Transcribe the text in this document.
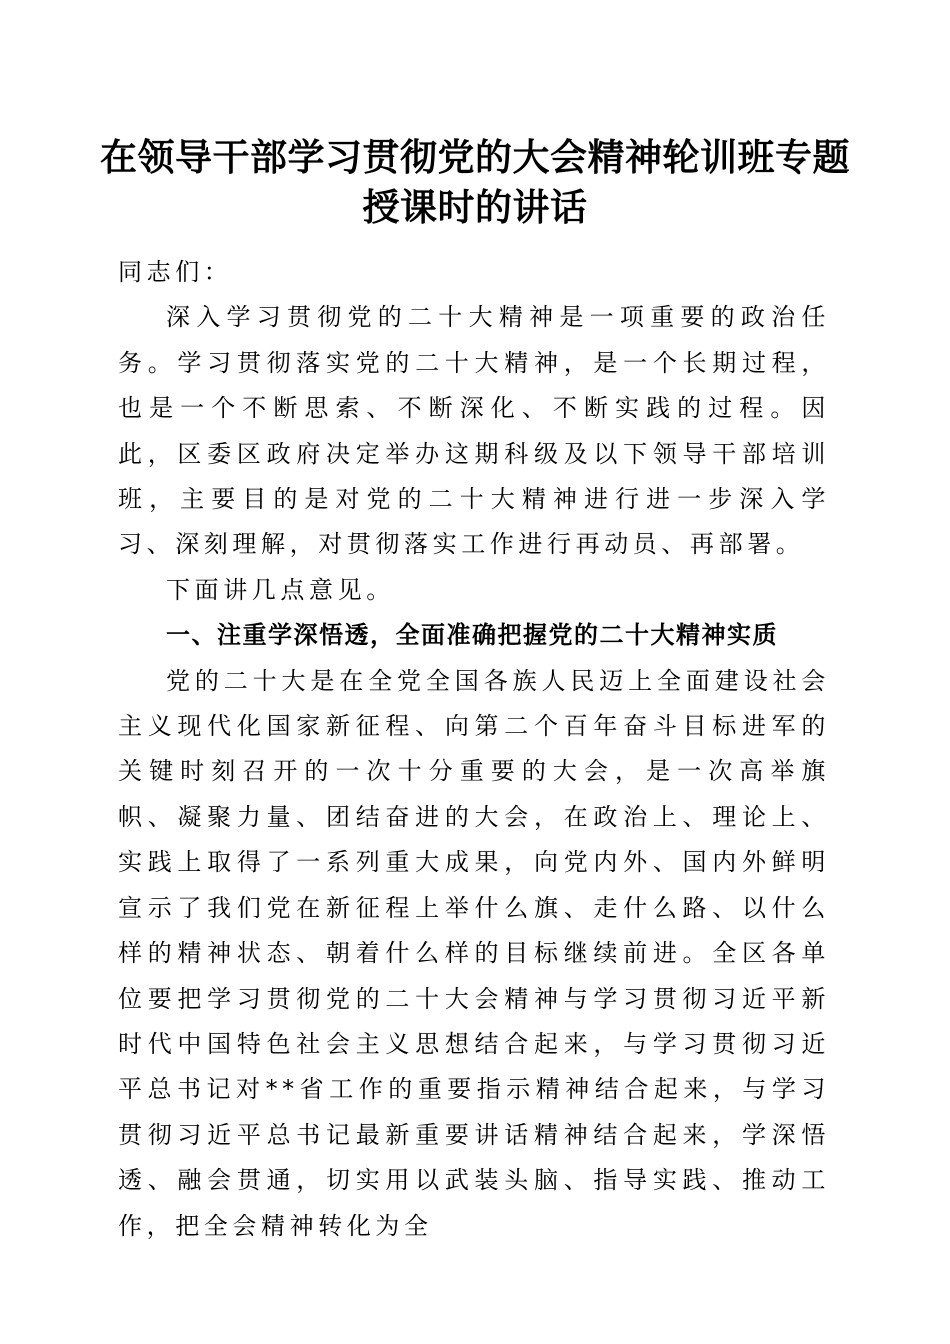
在领导干部学习贯彻党的大会精神轮训班专题
授课时的讲话

同志们：

深入学习贯彻党的二十大精神是一项重要的政治任务。学习贯彻落实党的二十大精神，是一个长期过程，也是一个不断思索、不断深化、不断实践的过程。因此，区委区政府决定举办这期科级及以下领导干部培训班，主要目的是对党的二十大精神进行进一步深入学习、深刻理解，对贯彻落实工作进行再动员、再部署。

下面讲几点意见。

一、注重学深悟透，全面准确把握党的二十大精神实质

党的二十大是在全党全国各族人民迈上全面建设社会主义现代化国家新征程、向第二个百年奋斗目标进军的关键时刻召开的一次十分重要的大会，是一次高举旗帜、凝聚力量、团结奋进的大会，在政治上、理论上、实践上取得了一系列重大成果，向党内外、国内外鲜明宣示了我们党在新征程上举什么旗、走什么路、以什么样的精神状态、朝着什么样的目标继续前进。全区各单位要把学习贯彻党的二十大会精神与学习贯彻习近平新时代中国特色社会主义思想结合起来，与学习贯彻习近平总书记对**省工作的重要指示精神结合起来，与学习贯彻习近平总书记最新重要讲话精神结合起来，学深悟透、融会贯通，切实用以武装头脑、指导实践、推动工作，把全会精神转化为全
